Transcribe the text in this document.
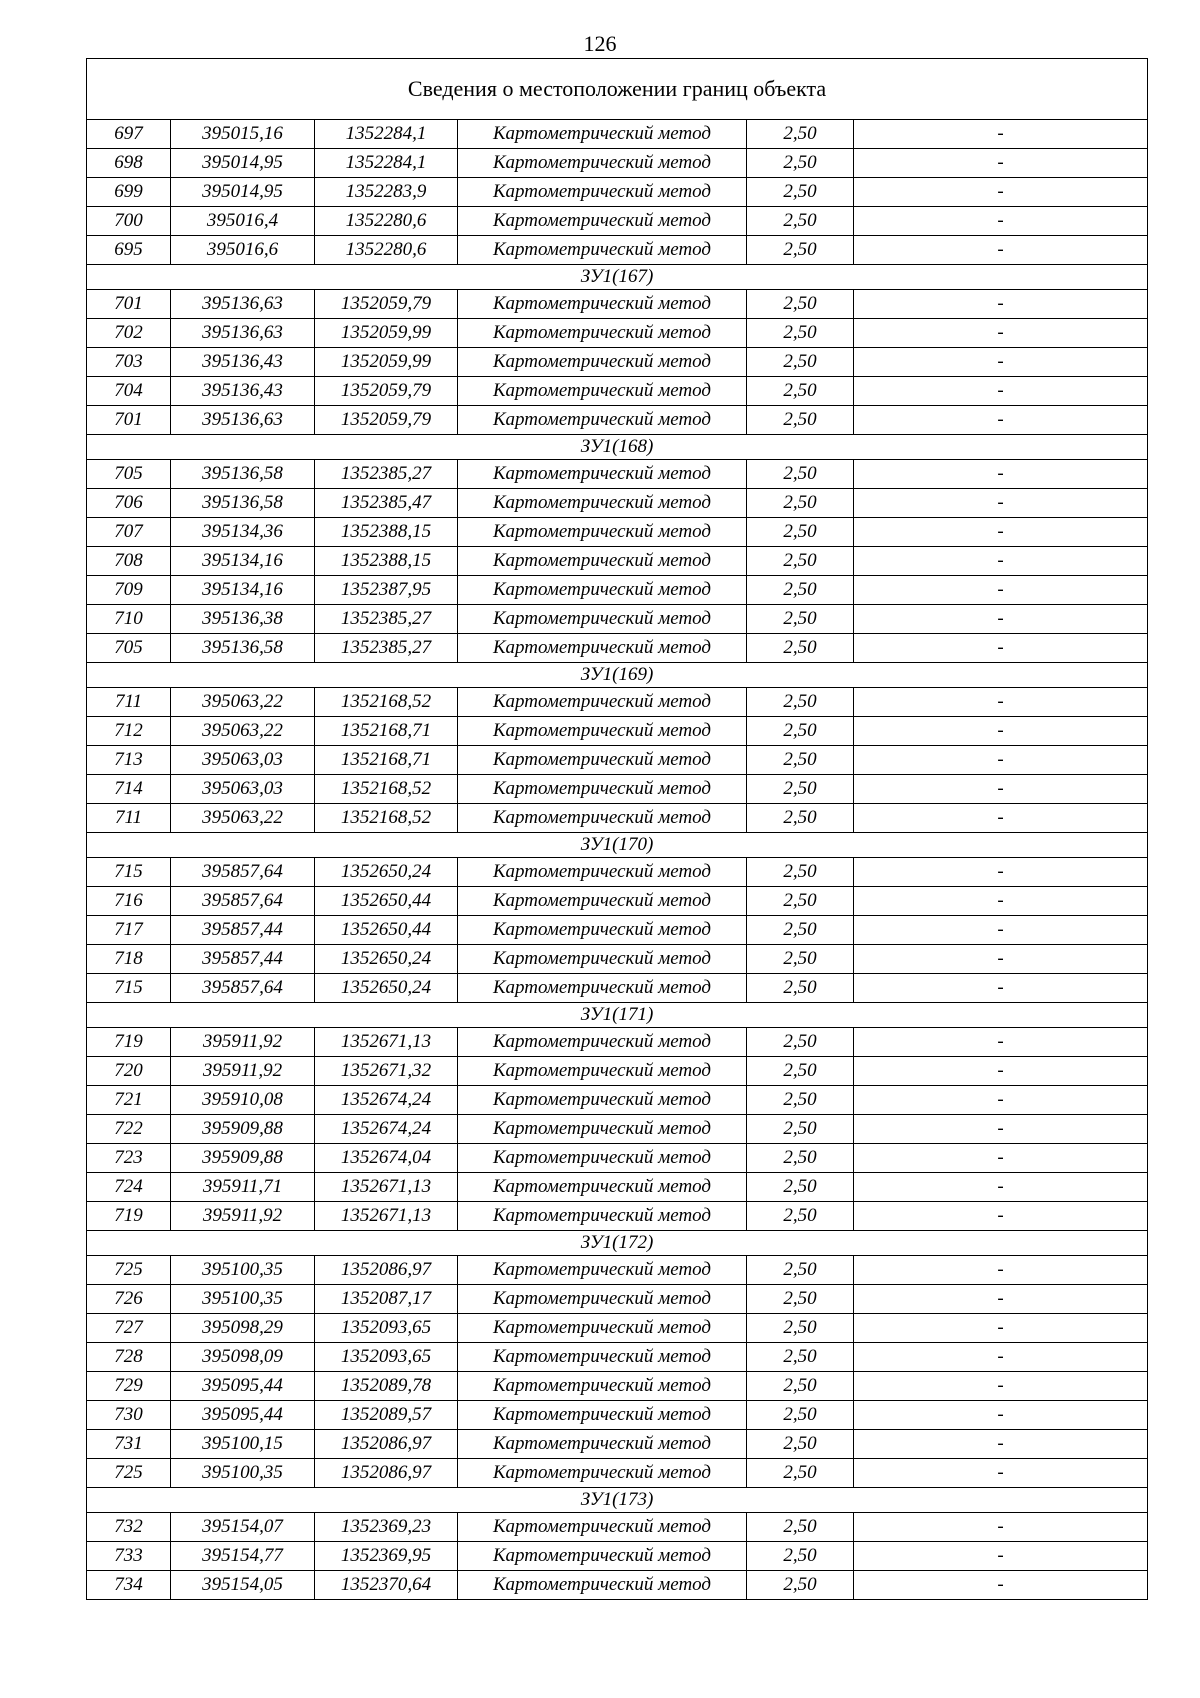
126
Сведения о местоположении границ объекта					
697	395015,16	1352284,1	Картометрический метод	2,50	-
698	395014,95	1352284,1	Картометрический метод	2,50	-
699	395014,95	1352283,9	Картометрический метод	2,50	-
700	395016,4	1352280,6	Картометрический метод	2,50	-
695	395016,6	1352280,6	Картометрический метод	2,50	-
ЗУ1(167)					
701	395136,63	1352059,79	Картометрический метод	2,50	-
702	395136,63	1352059,99	Картометрический метод	2,50	-
703	395136,43	1352059,99	Картометрический метод	2,50	-
704	395136,43	1352059,79	Картометрический метод	2,50	-
701	395136,63	1352059,79	Картометрический метод	2,50	-
ЗУ1(168)					
705	395136,58	1352385,27	Картометрический метод	2,50	-
706	395136,58	1352385,47	Картометрический метод	2,50	-
707	395134,36	1352388,15	Картометрический метод	2,50	-
708	395134,16	1352388,15	Картометрический метод	2,50	-
709	395134,16	1352387,95	Картометрический метод	2,50	-
710	395136,38	1352385,27	Картометрический метод	2,50	-
705	395136,58	1352385,27	Картометрический метод	2,50	-
ЗУ1(169)					
711	395063,22	1352168,52	Картометрический метод	2,50	-
712	395063,22	1352168,71	Картометрический метод	2,50	-
713	395063,03	1352168,71	Картометрический метод	2,50	-
714	395063,03	1352168,52	Картометрический метод	2,50	-
711	395063,22	1352168,52	Картометрический метод	2,50	-
ЗУ1(170)					
715	395857,64	1352650,24	Картометрический метод	2,50	-
716	395857,64	1352650,44	Картометрический метод	2,50	-
717	395857,44	1352650,44	Картометрический метод	2,50	-
718	395857,44	1352650,24	Картометрический метод	2,50	-
715	395857,64	1352650,24	Картометрический метод	2,50	-
ЗУ1(171)					
719	395911,92	1352671,13	Картометрический метод	2,50	-
720	395911,92	1352671,32	Картометрический метод	2,50	-
721	395910,08	1352674,24	Картометрический метод	2,50	-
722	395909,88	1352674,24	Картометрический метод	2,50	-
723	395909,88	1352674,04	Картометрический метод	2,50	-
724	395911,71	1352671,13	Картометрический метод	2,50	-
719	395911,92	1352671,13	Картометрический метод	2,50	-
ЗУ1(172)					
725	395100,35	1352086,97	Картометрический метод	2,50	-
726	395100,35	1352087,17	Картометрический метод	2,50	-
727	395098,29	1352093,65	Картометрический метод	2,50	-
728	395098,09	1352093,65	Картометрический метод	2,50	-
729	395095,44	1352089,78	Картометрический метод	2,50	-
730	395095,44	1352089,57	Картометрический метод	2,50	-
731	395100,15	1352086,97	Картометрический метод	2,50	-
725	395100,35	1352086,97	Картометрический метод	2,50	-
ЗУ1(173)					
732	395154,07	1352369,23	Картометрический метод	2,50	-
733	395154,77	1352369,95	Картометрический метод	2,50	-
734	395154,05	1352370,64	Картометрический метод	2,50	-
